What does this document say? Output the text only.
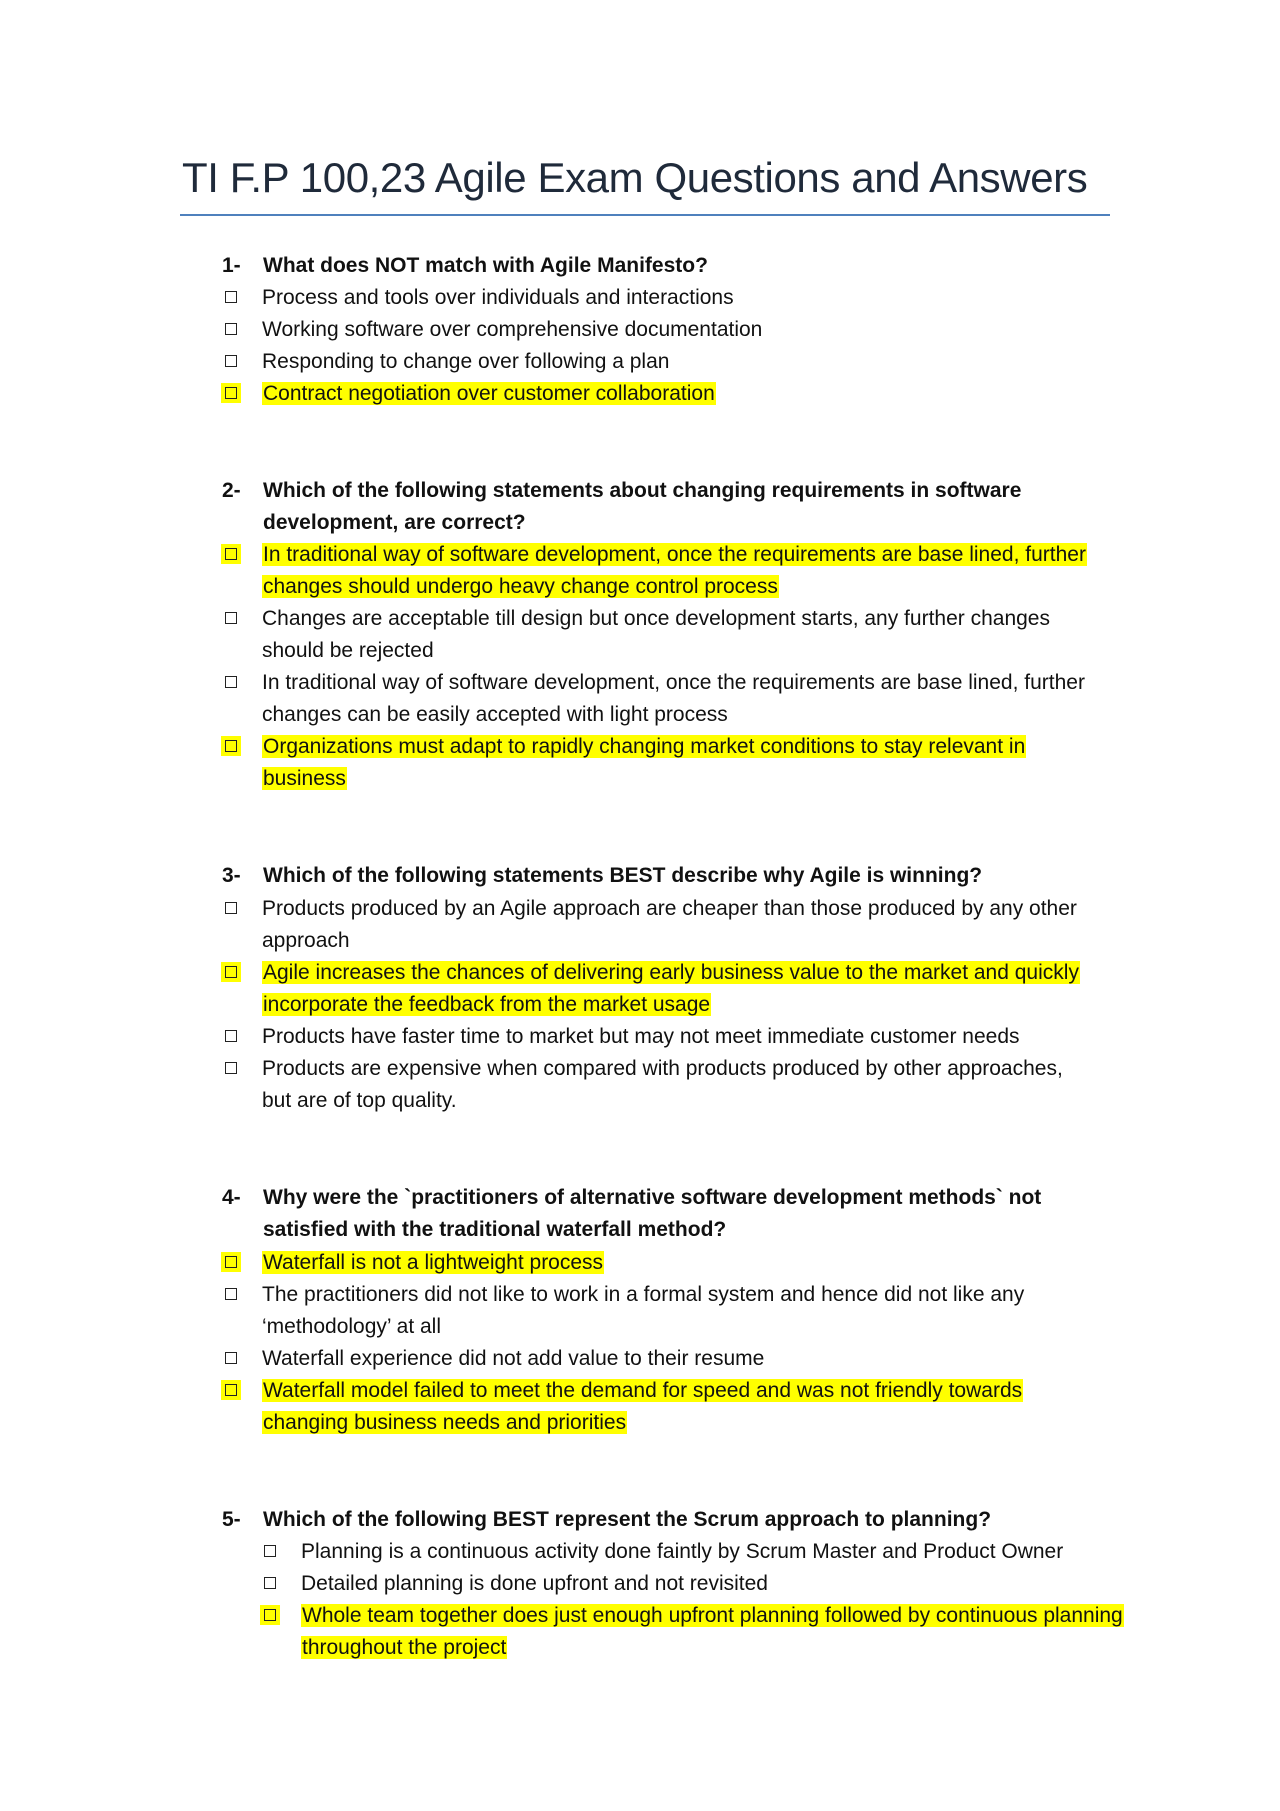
TI F.P 100,23 Agile Exam Questions and Answers
1-	What does NOT match with Agile Manifesto?
Process and tools over individuals and interactions
Working software over comprehensive documentation
Responding to change over following a plan
Contract negotiation over customer collaboration
2-	Which of the following statements about changing requirements in software development, are correct?
In traditional way of software development, once the requirements are base lined, further changes should undergo heavy change control process
Changes are acceptable till design but once development starts, any further changes should be rejected
In traditional way of software development, once the requirements are base lined, further changes can be easily accepted with light process
Organizations must adapt to rapidly changing market conditions to stay relevant in business
3-	Which of the following statements BEST describe why Agile is winning?
Products produced by an Agile approach are cheaper than those produced by any other approach
Agile increases the chances of delivering early business value to the market and quickly incorporate the feedback from the market usage
Products have faster time to market but may not meet immediate customer needs
Products are expensive when compared with products produced by other approaches, but are of top quality.
4-	Why were the `practitioners of alternative software development methods` not satisfied with the traditional waterfall method?
Waterfall is not a lightweight process
The practitioners did not like to work in a formal system and hence did not like any ‘methodology’ at all
Waterfall experience did not add value to their resume
Waterfall model failed to meet the demand for speed and was not friendly towards changing business needs and priorities
5-	Which of the following BEST represent the Scrum approach to planning?
Planning is a continuous activity done faintly by Scrum Master and Product Owner
Detailed planning is done upfront and not revisited
Whole team together does just enough upfront planning followed by continuous planning throughout the project
